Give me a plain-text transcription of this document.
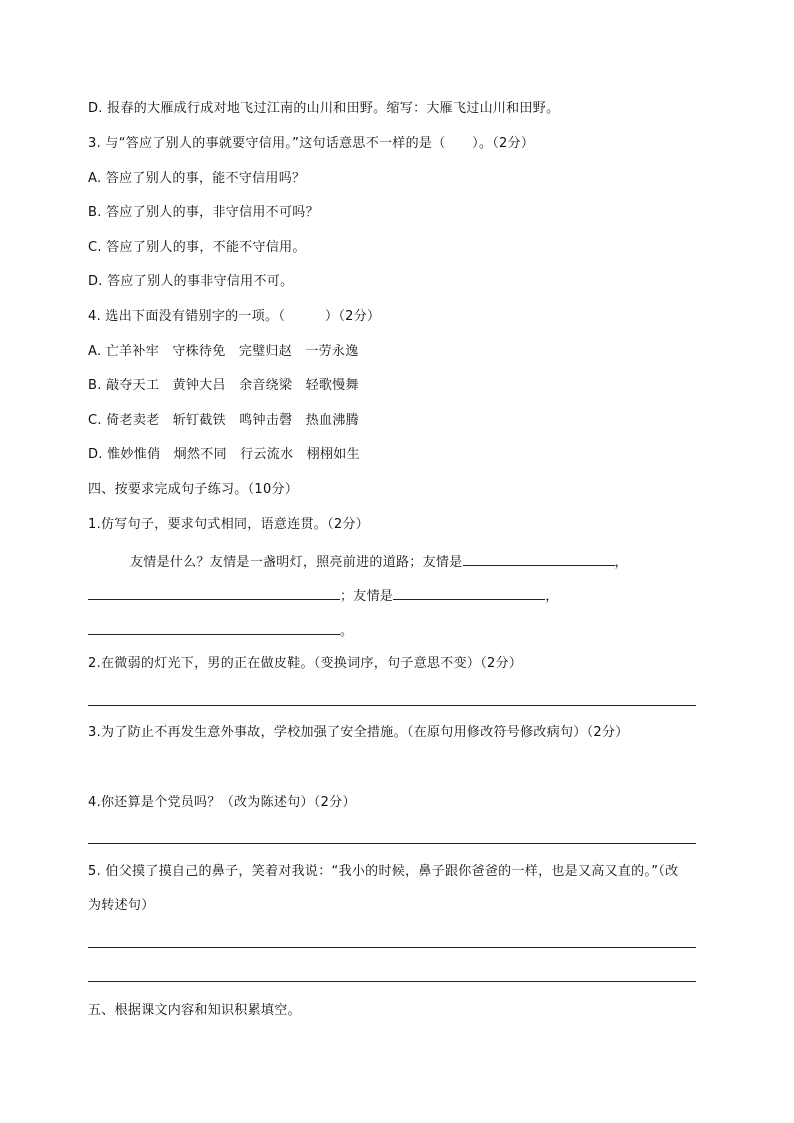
D. 报春的大雁成行成对地飞过江南的山川和田野。缩写：大雁飞过山川和田野。
3. 与“答应了别人的事就要守信用。”这句话意思不一样的是（　　）。（2分）
A. 答应了别人的事，能不守信用吗？
B. 答应了别人的事，非守信用不可吗？
C. 答应了别人的事，不能不守信用。
D. 答应了别人的事非守信用不可。
4. 选出下面没有错别字的一项。（　　　）（2分）
A. 亡羊补牢　守株待免　完璧归赵　一劳永逸
B. 敲夺天工　黄钟大吕　余音绕梁　轻歌慢舞
C. 倚老卖老　斩钉截铁　鸣钟击磬　热血沸腾
D. 惟妙惟俏　炯然不同　行云流水　栩栩如生
四、按要求完成句子练习。（10分）
1.仿写句子，要求句式相同，语意连贯。（2分）
友情是什么？友情是一盏明灯，照亮前进的道路；友情是	，
；友情是	，
。
2.在微弱的灯光下，男的正在做皮鞋。（变换词序，句子意思不变）（2分）
3.为了防止不再发生意外事故，学校加强了安全措施。（在原句用修改符号修改病句）（2分）
4.你还算是个党员吗？（改为陈述句）（2分）
5. 伯父摸了摸自己的鼻子，笑着对我说：“我小的时候，鼻子跟你爸爸的一样，也是又高又直的。”（改
为转述句）
五、根据课文内容和知识积累填空。
